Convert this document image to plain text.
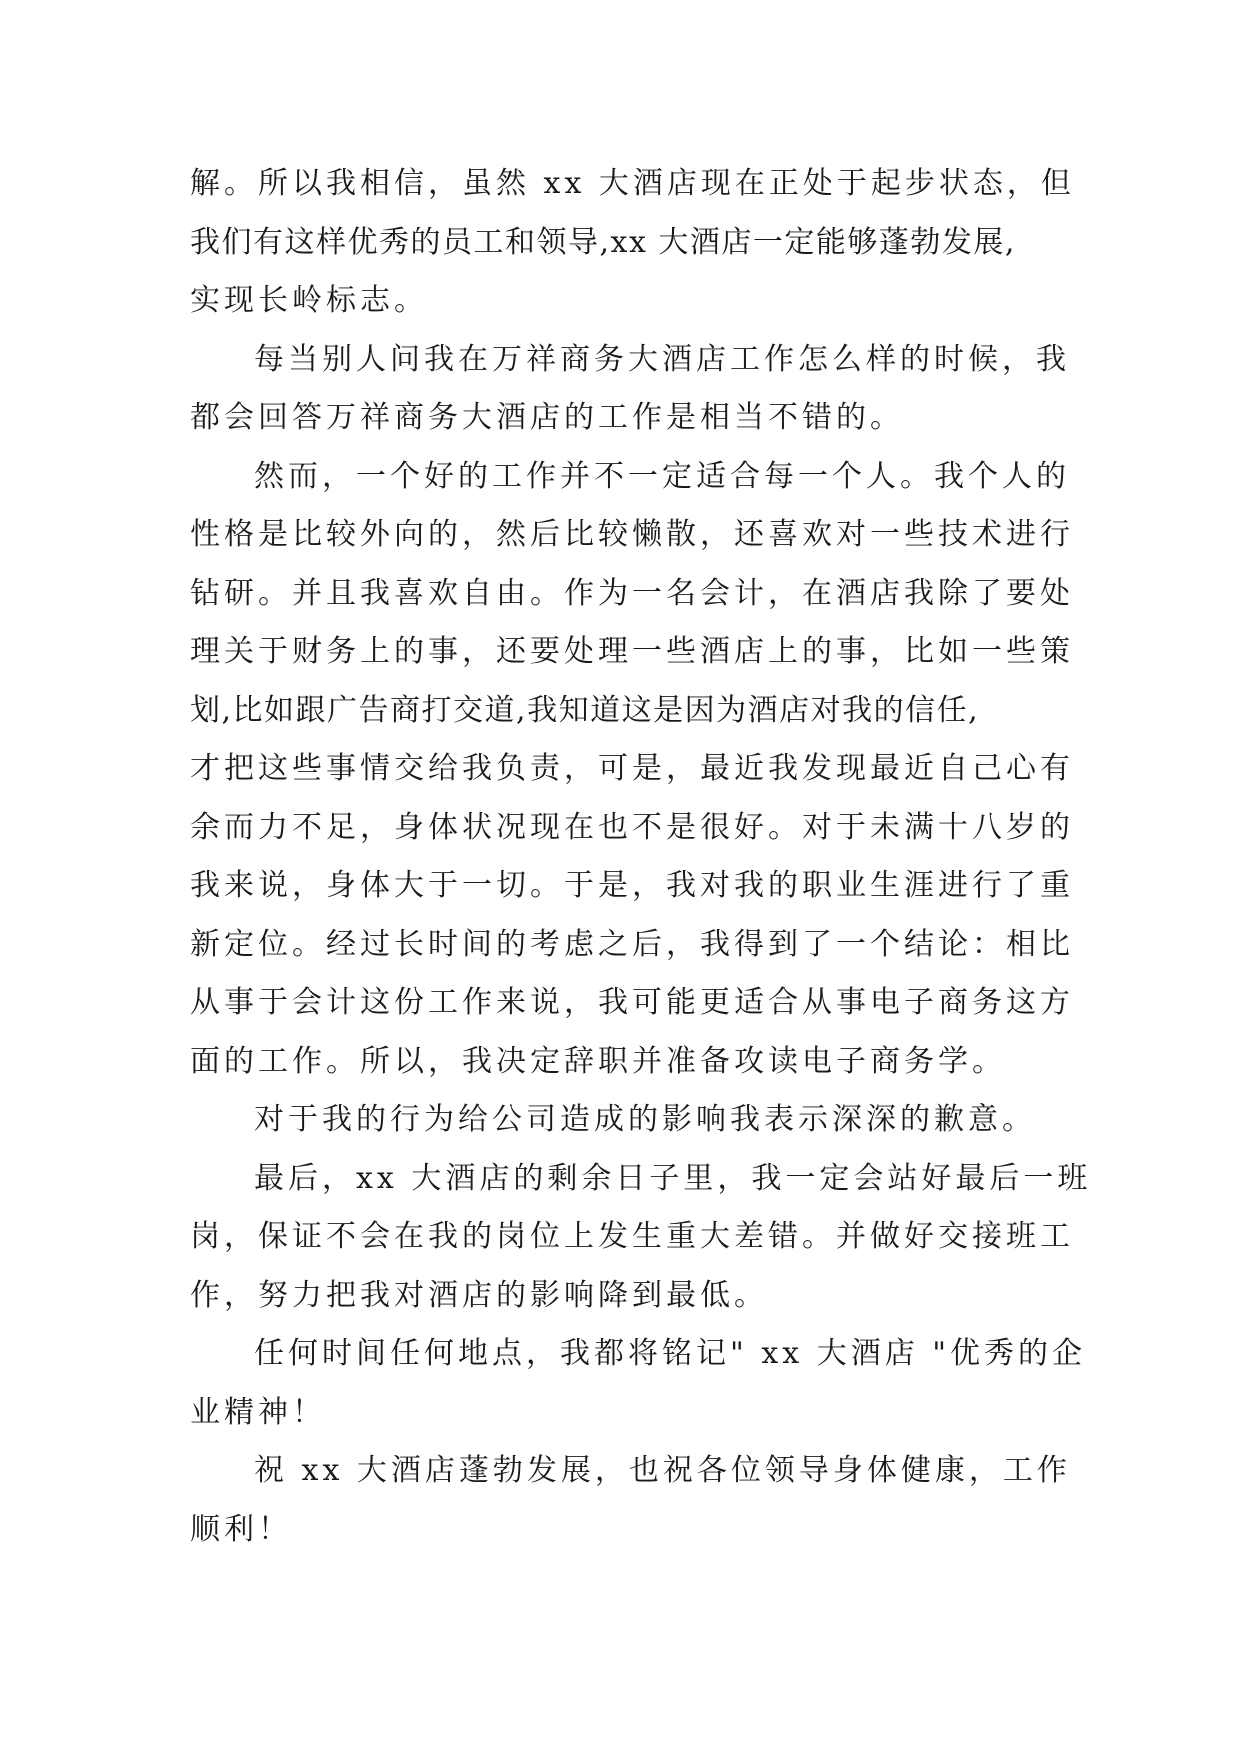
解。所以我相信，虽然 xx 大酒店现在正处于起步状态，但
我们有这样优秀的员工和领导,xx 大酒店一定能够蓬勃发展,
实现长岭标志。
每当别人问我在万祥商务大酒店工作怎么样的时候，我
都会回答万祥商务大酒店的工作是相当不错的。
然而，一个好的工作并不一定适合每一个人。我个人的
性格是比较外向的，然后比较懒散，还喜欢对一些技术进行
钻研。并且我喜欢自由。作为一名会计，在酒店我除了要处
理关于财务上的事，还要处理一些酒店上的事，比如一些策
划,比如跟广告商打交道,我知道这是因为酒店对我的信任,
才把这些事情交给我负责，可是，最近我发现最近自己心有
余而力不足，身体状况现在也不是很好。对于未满十八岁的
我来说，身体大于一切。于是，我对我的职业生涯进行了重
新定位。经过长时间的考虑之后，我得到了一个结论：相比
从事于会计这份工作来说，我可能更适合从事电子商务这方
面的工作。所以，我决定辞职并准备攻读电子商务学。
对于我的行为给公司造成的影响我表示深深的歉意。
最后，xx 大酒店的剩余日子里，我一定会站好最后一班
岗，保证不会在我的岗位上发生重大差错。并做好交接班工
作，努力把我对酒店的影响降到最低。
任何时间任何地点，我都将铭记" xx 大酒店 "优秀的企
业精神！
祝 xx 大酒店蓬勃发展，也祝各位领导身体健康，工作
顺利！
